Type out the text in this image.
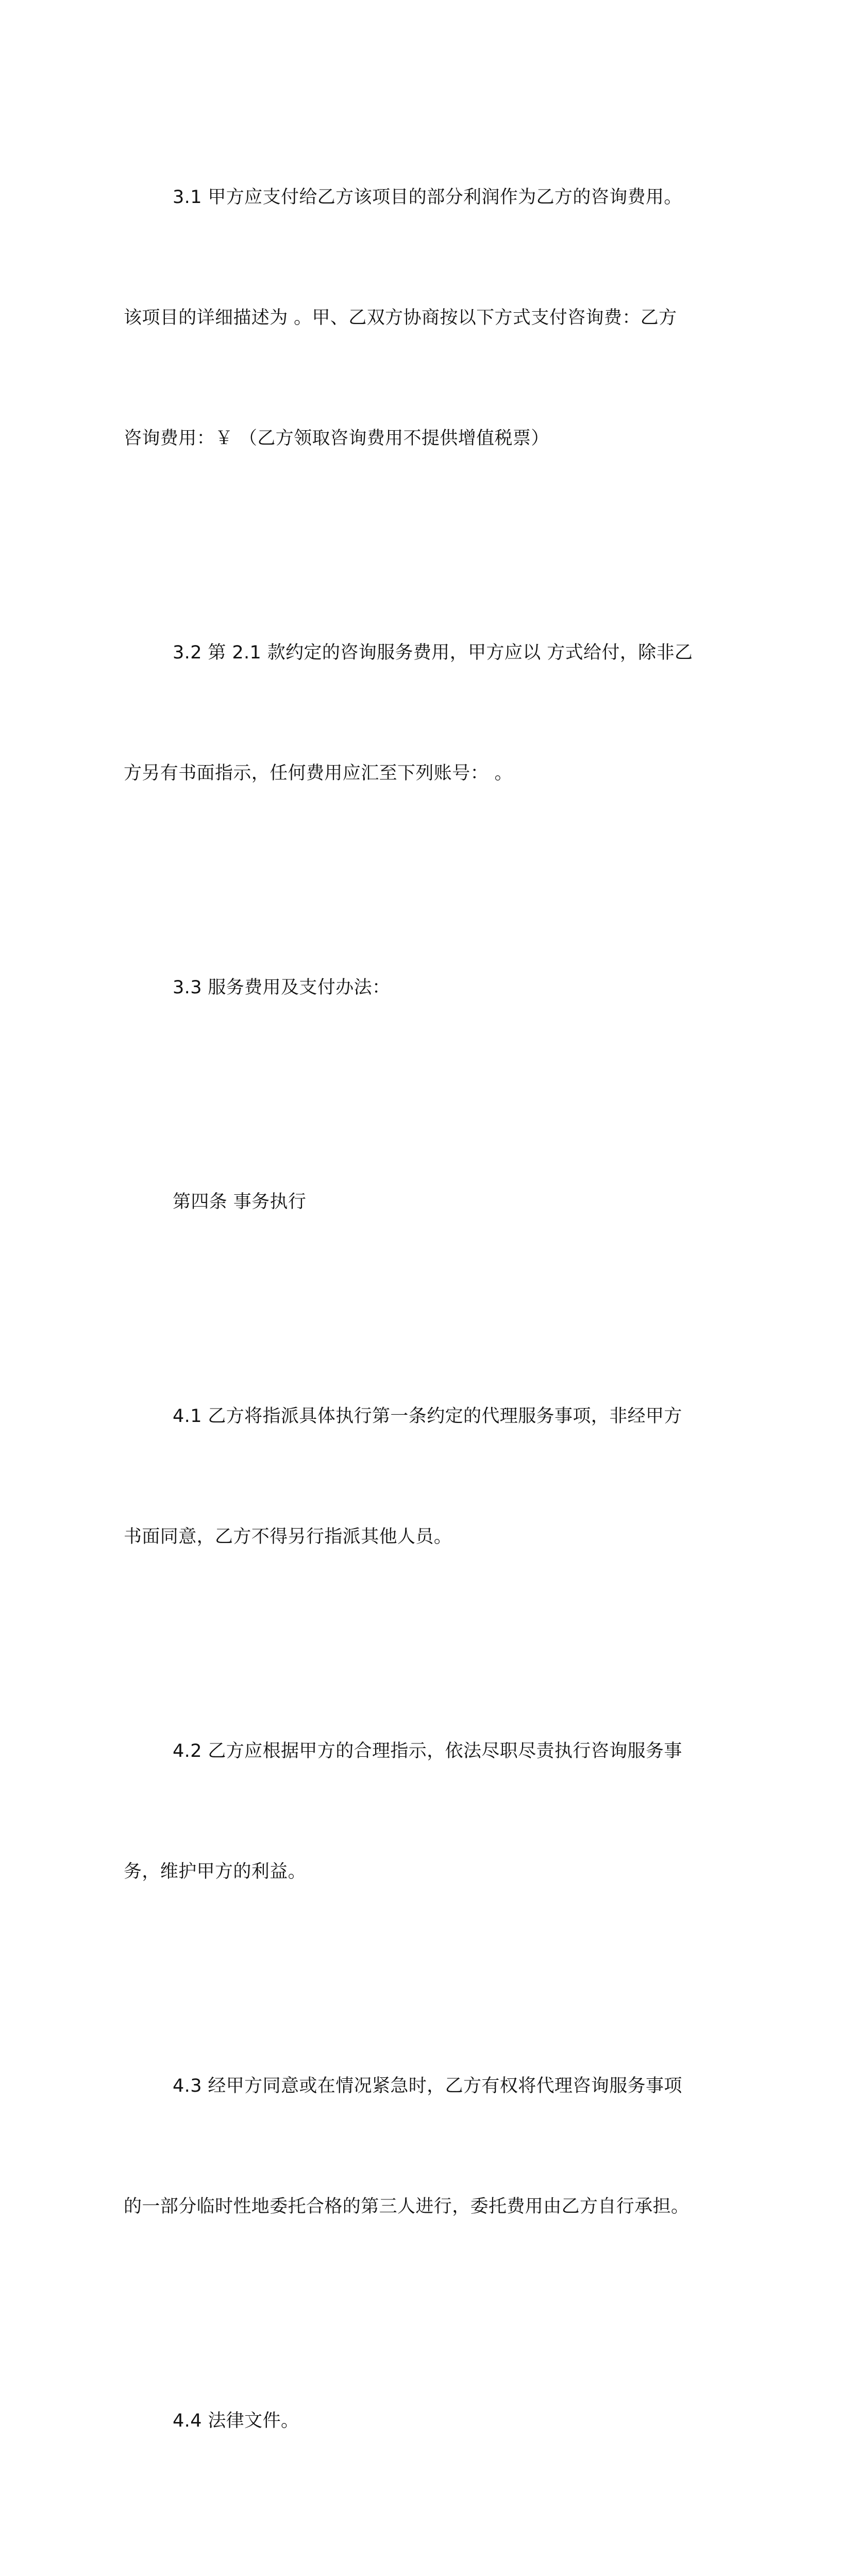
3.1 甲方应支付给乙方该项目的部分利润作为乙方的咨询费用。

该项目的详细描述为 。甲、乙双方协商按以下方式支付咨询费：乙方

咨询费用：￥ （乙方领取咨询费用不提供增值税票）

3.2 第 2.1 款约定的咨询服务费用，甲方应以 方式给付，除非乙

方另有书面指示，任何费用应汇至下列账号： 。

3.3 服务费用及支付办法：

第四条 事务执行

4.1 乙方将指派具体执行第一条约定的代理服务事项，非经甲方

书面同意，乙方不得另行指派其他人员。

4.2 乙方应根据甲方的合理指示，依法尽职尽责执行咨询服务事

务，维护甲方的利益。

4.3 经甲方同意或在情况紧急时，乙方有权将代理咨询服务事项

的一部分临时性地委托合格的第三人进行，委托费用由乙方自行承担。

4.4 法律文件。
